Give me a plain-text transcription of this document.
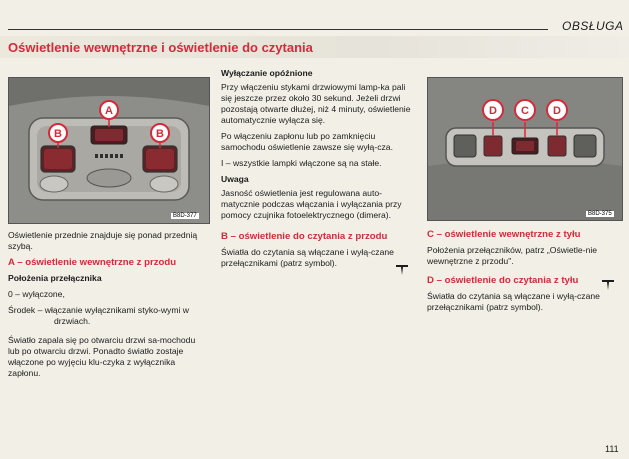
OBSŁUGA
Oświetlenie wewnętrzne i oświetlenie do czytania
A
B	B
B8D-377
D C D
B8D-375

Oświetlenie przednie znajduje się ponad przednią szybą.

A – oświetlenie wewnętrzne z przodu

Położenia przełącznika

0 – wyłączone,

Środek – włączanie wyłącznikami styko-wymi w drzwiach.

Światło zapala się po otwarciu drzwi sa-mochodu lub po otwarciu drzwi. Ponadto światło zostaje włączone po wyjęciu klu-czyka z wyłącznika zapłonu.

Wyłączanie opóźnione

Przy włączeniu stykami drzwiowymi lamp-ka pali się jeszcze przez około 30 sekund. Jeżeli drzwi pozostają otwarte dłużej, niż 4 minuty, oświetlenie automatycznie wyłącza się.

Po włączeniu zapłonu lub po zamknięciu samochodu oświetlenie zawsze się wyłą-cza.

I – wszystkie lampki włączone są na stałe.

Uwaga

Jasność oświetlenia jest regulowana auto-matycznie podczas włączania i wyłączania przy pomocy czujnika fotoelektrycznego (dimera).

B – oświetlenie do czytania z przodu

Światła do czytania są włączane i wyłą-czane przełącznikami (patrz symbol).

C – oświetlenie wewnętrzne z tyłu

Położenia przełączników, patrz „Oświetle-nie wewnętrzne z przodu".

D – oświetlenie do czytania z tyłu

Światła do czytania są włączane i wyłą-czane przełącznikami (patrz symbol).

111
